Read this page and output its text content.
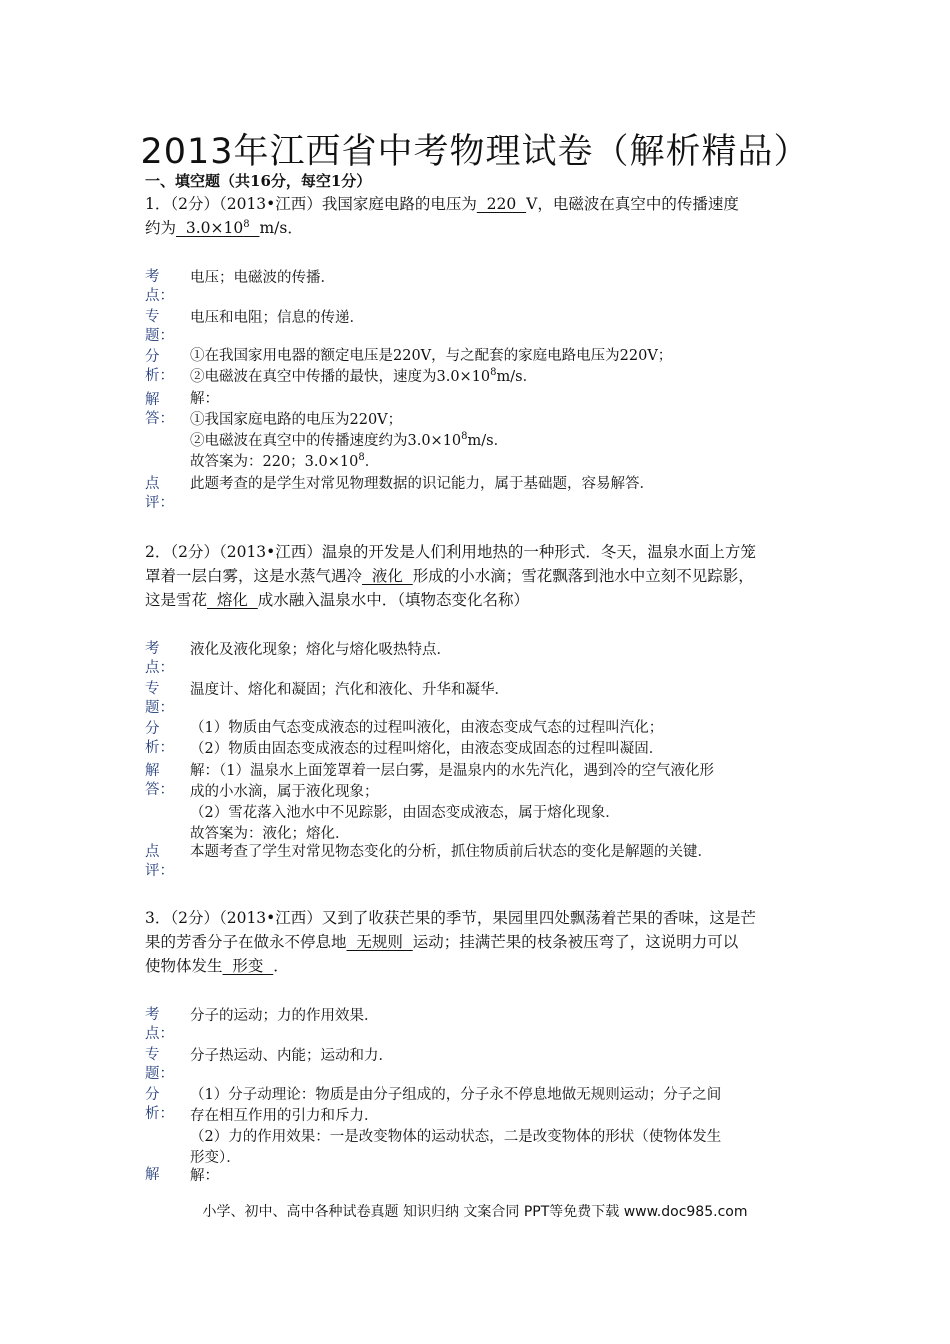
2013年江西省中考物理试卷（解析精品）
一、填空题（共16分，每空1分）
1．（2分）（2013•江西）我国家庭电路的电压为  220  V，电磁波在真空中的传播速度
约为  $3.0\times 10^8$ m/s．
考
点：
电压；电磁波的传播．
专
题：
电压和电阻；信息的传递．
分
析：
①在我国家用电器的额定电压是220V，与之配套的家庭电路电压为220V；
②电磁波在真空中传播的最快，速度为$3.0\times 10^8m/s$．
解
答：
解：
①我国家庭电路的电压为220V；
②电磁波在真空中的传播速度约为$3.0\times 10^8m/s$．
故答案为：220；$3.0\times 10^8$．
点
评：
此题考查的是学生对常见物理数据的识记能力，属于基础题，容易解答．
2．（2分）（2013•江西）温泉的开发是人们利用地热的一种形式．冬天，温泉水面上方笼
罩着一层白雾，这是水蒸气遇冷  液化  形成的小水滴；雪花飘落到池水中立刻不见踪影，
这是雪花  熔化  成水融入温泉水中．（填物态变化名称）
考
点：
液化及液化现象；熔化与熔化吸热特点．
专
题：
温度计、熔化和凝固；汽化和液化、升华和凝华．
分
析：
（1）物质由气态变成液态的过程叫液化，由液态变成气态的过程叫汽化；
（2）物质由固态变成液态的过程叫熔化，由液态变成固态的过程叫凝固．
解
答：
解：（1）温泉水上面笼罩着一层白雾，是温泉内的水先汽化，遇到冷的空气液化形
成的小水滴，属于液化现象；
（2）雪花落入池水中不见踪影，由固态变成液态，属于熔化现象．
故答案为：液化；熔化．
点
评：
本题考查了学生对常见物态变化的分析，抓住物质前后状态的变化是解题的关键．
3．（2分）（2013•江西）又到了收获芒果的季节，果园里四处飘荡着芒果的香味，这是芒
果的芳香分子在做永不停息地  无规则  运动；挂满芒果的枝条被压弯了，这说明力可以
使物体发生  形变  ．
考
点：
分子的运动；力的作用效果．
专
题：
分子热运动、内能；运动和力．
分
析：
（1）分子动理论：物质是由分子组成的，分子永不停息地做无规则运动；分子之间
存在相互作用的引力和斥力．
（2）力的作用效果：一是改变物体的运动状态，二是改变物体的形状（使物体发生
形变）．
解	解：
小学、初中、高中各种试卷真题 知识归纳 文案合同 PPT等免费下载 www.doc985.com
